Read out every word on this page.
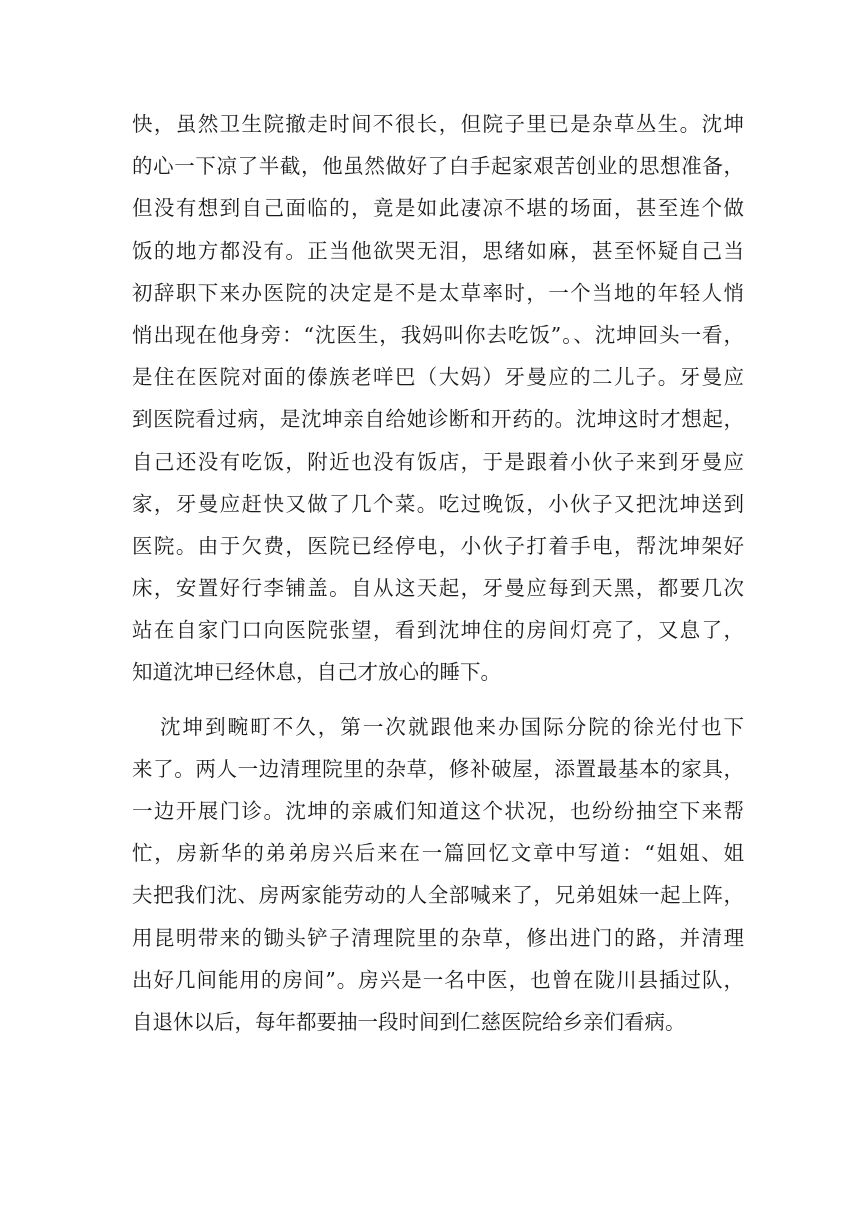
快，虽然卫生院撤走时间不很长，但院子里已是杂草丛生。沈坤
的心一下凉了半截，他虽然做好了白手起家艰苦创业的思想准备，
但没有想到自己面临的，竟是如此凄凉不堪的场面，甚至连个做
饭的地方都没有。正当他欲哭无泪，思绪如麻，甚至怀疑自己当
初辞职下来办医院的决定是不是太草率时，一个当地的年轻人悄
悄出现在他身旁：“沈医生，我妈叫你去吃饭”。、沈坤回头一看，
是住在医院对面的傣族老咩巴（大妈）牙曼应的二儿子。牙曼应
到医院看过病，是沈坤亲自给她诊断和开药的。沈坤这时才想起，
自己还没有吃饭，附近也没有饭店，于是跟着小伙子来到牙曼应
家，牙曼应赶快又做了几个菜。吃过晚饭，小伙子又把沈坤送到
医院。由于欠费，医院已经停电，小伙子打着手电，帮沈坤架好
床，安置好行李铺盖。自从这天起，牙曼应每到天黑，都要几次
站在自家门口向医院张望，看到沈坤住的房间灯亮了，又息了，
知道沈坤已经休息，自己才放心的睡下。
沈坤到畹町不久，第一次就跟他来办国际分院的徐光付也下
来了。两人一边清理院里的杂草，修补破屋，添置最基本的家具，
一边开展门诊。沈坤的亲戚们知道这个状况，也纷纷抽空下来帮
忙，房新华的弟弟房兴后来在一篇回忆文章中写道：“姐姐、姐
夫把我们沈、房两家能劳动的人全部喊来了，兄弟姐妹一起上阵，
用昆明带来的锄头铲子清理院里的杂草，修出进门的路，并清理
出好几间能用的房间”。房兴是一名中医，也曾在陇川县插过队，
自退休以后，每年都要抽一段时间到仁慈医院给乡亲们看病。
